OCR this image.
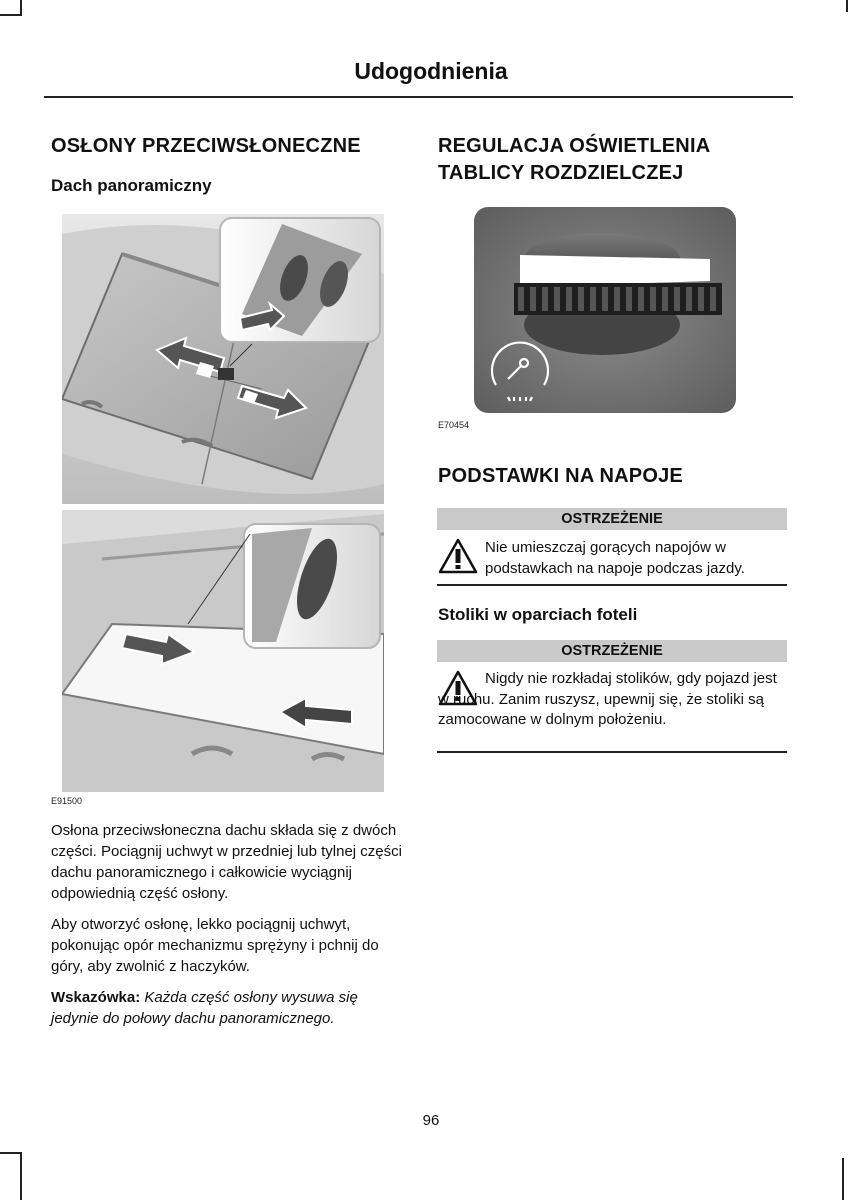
Udogodnienia
OSŁONY PRZECIWSŁONECZNE
Dach panoramiczny
E91500

Osłona przeciwsłoneczna dachu składa się z dwóch części. Pociągnij uchwyt w przedniej lub tylnej części dachu panoramicznego i całkowicie wyciągnij odpowiednią część osłony.

Aby otworzyć osłonę, lekko pociągnij uchwyt, pokonując opór mechanizmu sprężyny i pchnij do góry, aby zwolnić z haczyków.

Wskazówka: Każda część osłony wysuwa się jedynie do połowy dachu panoramicznego.

REGULACJA OŚWIETLENIA
TABLICY ROZDZIELCZEJ
E70454
PODSTAWKI NA NAPOJE
OSTRZEŻENIE
Nie umieszczaj gorących napojów w podstawkach na napoje podczas jazdy.
Stoliki w oparciach foteli
OSTRZEŻENIE
Nigdy nie rozkładaj stolików, gdy pojazd jest w ruchu. Zanim ruszysz, upewnij się, że stoliki są zamocowane w dolnym położeniu.
96
